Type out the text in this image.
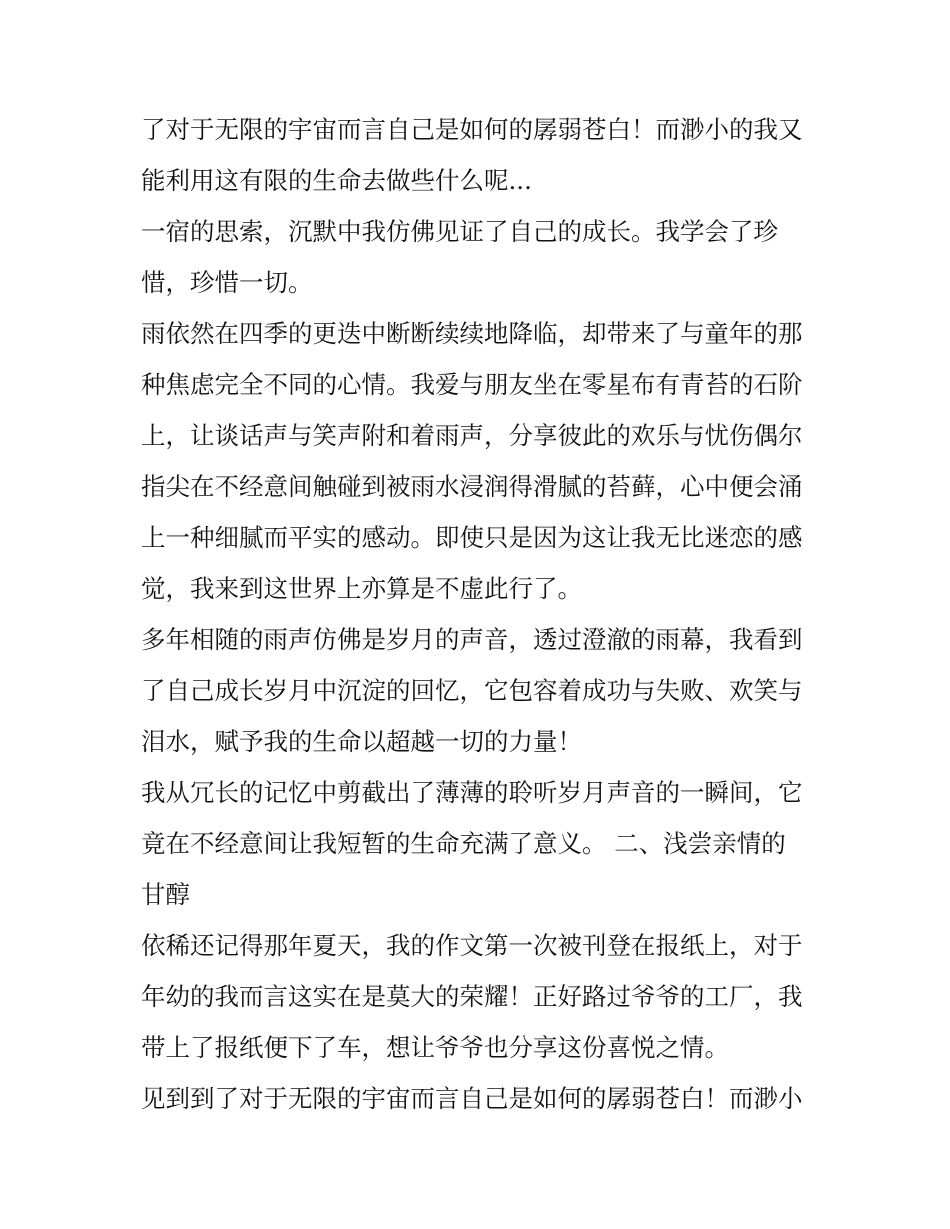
了对于无限的宇宙而言自己是如何的孱弱苍白！而渺小的我又
能利用这有限的生命去做些什么呢...
一宿的思索，沉默中我仿佛见证了自己的成长。我学会了珍
惜，珍惜一切。
雨依然在四季的更迭中断断续续地降临，却带来了与童年的那
种焦虑完全不同的心情。我爱与朋友坐在零星布有青苔的石阶
上，让谈话声与笑声附和着雨声，分享彼此的欢乐与忧伤偶尔
指尖在不经意间触碰到被雨水浸润得滑腻的苔藓，心中便会涌
上一种细腻而平实的感动。即使只是因为这让我无比迷恋的感
觉，我来到这世界上亦算是不虚此行了。
多年相随的雨声仿佛是岁月的声音，透过澄澈的雨幕，我看到
了自己成长岁月中沉淀的回忆，它包容着成功与失败、欢笑与
泪水，赋予我的生命以超越一切的力量！
我从冗长的记忆中剪截出了薄薄的聆听岁月声音的一瞬间，它
竟在不经意间让我短暂的生命充满了意义。 二、浅尝亲情的
甘醇
依稀还记得那年夏天，我的作文第一次被刊登在报纸上，对于
年幼的我而言这实在是莫大的荣耀！正好路过爷爷的工厂，我
带上了报纸便下了车，想让爷爷也分享这份喜悦之情。
见到到了对于无限的宇宙而言自己是如何的孱弱苍白！而渺小
